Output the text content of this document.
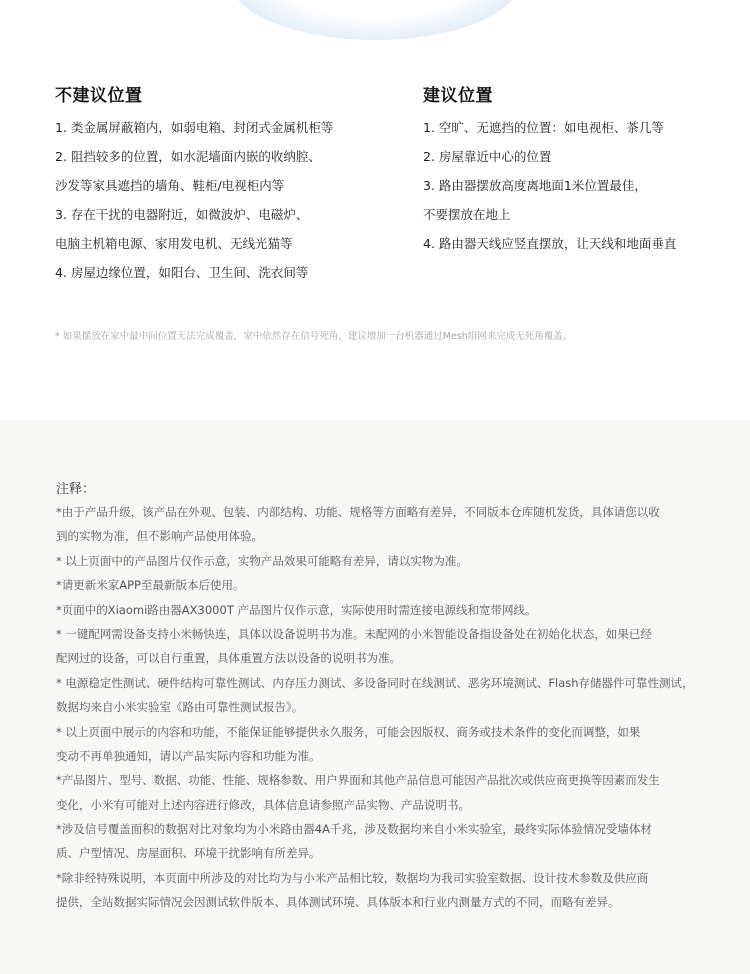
不建议位置
1. 类金属屏蔽箱内，如弱电箱、封闭式金属机柜等
2. 阻挡较多的位置，如水泥墙面内嵌的收纳腔、
沙发等家具遮挡的墙角、鞋柜/电视柜内等
3. 存在干扰的电器附近，如微波炉、电磁炉、
电脑主机箱电源、家用发电机、无线光猫等
4. 房屋边缘位置，如阳台、卫生间、洗衣间等
建议位置
1. 空旷、无遮挡的位置：如电视柜、茶几等
2. 房屋靠近中心的位置
3. 路由器摆放高度离地面1米位置最佳，
不要摆放在地上
4. 路由器天线应竖直摆放，让天线和地面垂直
* 如果摆放在家中最中间位置无法完成覆盖，家中依然存在信号死角，建议增加一台机器通过Mesh组网来完成无死角覆盖。
注释：
*由于产品升级，该产品在外观、包装、内部结构、功能、规格等方面略有差异，不同版本仓库随机发货，具体请您以收
到的实物为准，但不影响产品使用体验。
* 以上页面中的产品图片仅作示意，实物产品效果可能略有差异，请以实物为准。
*请更新米家APP至最新版本后使用。
*页面中的Xiaomi路由器AX3000T 产品图片仅作示意，实际使用时需连接电源线和宽带网线。
* 一键配网需设备支持小米畅快连，具体以设备说明书为准。未配网的小米智能设备指设备处在初始化状态，如果已经
配网过的设备，可以自行重置，具体重置方法以设备的说明书为准。
* 电源稳定性测试、硬件结构可靠性测试、内存压力测试、多设备同时在线测试、恶劣环境测试、Flash存储器件可靠性测试，
数据均来自小米实验室《路由可靠性测试报告》。
* 以上页面中展示的内容和功能，不能保证能够提供永久服务，可能会因版权、商务或技术条件的变化而调整，如果
变动不再单独通知，请以产品实际内容和功能为准。
*产品图片、型号、数据、功能、性能、规格参数、用户界面和其他产品信息可能因产品批次或供应商更换等因素而发生
变化，小米有可能对上述内容进行修改，具体信息请参照产品实物、产品说明书。
*涉及信号覆盖面积的数据对比对象均为小米路由器4A千兆，涉及数据均来自小米实验室，最终实际体验情况受墙体材
质、户型情况、房屋面积、环境干扰影响有所差异。
*除非经特殊说明，本页面中所涉及的对比均为与小米产品相比较，数据均为我司实验室数据、设计技术参数及供应商
提供，全站数据实际情况会因测试软件版本、具体测试环境、具体版本和行业内测量方式的不同，而略有差异。
